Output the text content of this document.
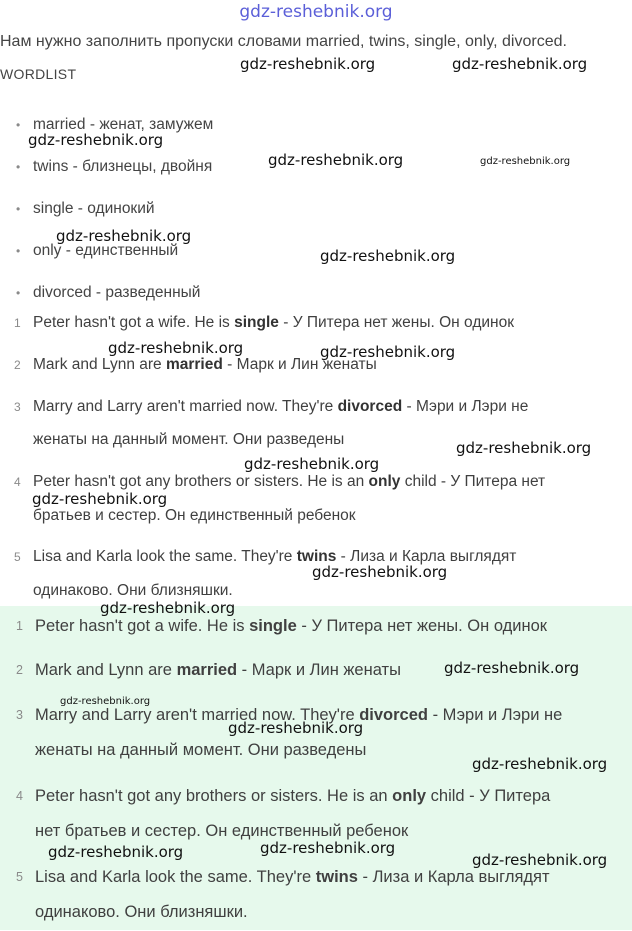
gdz-reshebnik.org
Нам нужно заполнить пропуски словами married, twins, single, only, divorced.
WORDLIST
• married - женат, замужем
• twins - близнецы, двойня
• single - одинокий
• only - единственный
• divorced - разведенный
1 Peter hasn't got a wife. He is single - У Питера нет жены. Он одинок
2 Mark and Lynn are married - Марк и Лин женаты
3 Marry and Larry aren't married now. They're divorced - Мэри и Лэри не
женаты на данный момент. Они разведены
4 Peter hasn't got any brothers or sisters. He is an only child - У Питера нет
братьев и сестер. Он единственный ребенок
5 Lisa and Karla look the same. They're twins - Лиза и Карла выглядят
одинаково. Они близняшки.
1 Peter hasn't got a wife. He is single - У Питера нет жены. Он одинок
2 Mark and Lynn are married - Марк и Лин женаты
3 Marry and Larry aren't married now. They're divorced - Мэри и Лэри не
женаты на данный момент. Они разведены
4 Peter hasn't got any brothers or sisters. He is an only child - У Питера
нет братьев и сестер. Он единственный ребенок
5 Lisa and Karla look the same. They're twins - Лиза и Карла выглядят
одинаково. Они близняшки.
gdz-reshebnik.org	gdz-reshebnik.org
gdz-reshebnik.org
gdz-reshebnik.org	gdz-reshebnik.org
gdz-reshebnik.org
gdz-reshebnik.org
gdz-reshebnik.org	gdz-reshebnik.org
gdz-reshebnik.org
gdz-reshebnik.org
gdz-reshebnik.org
gdz-reshebnik.org
gdz-reshebnik.org
gdz-reshebnik.org
gdz-reshebnik.org
gdz-reshebnik.org
gdz-reshebnik.org
gdz-reshebnik.org
gdz-reshebnik.org	gdz-reshebnik.org
